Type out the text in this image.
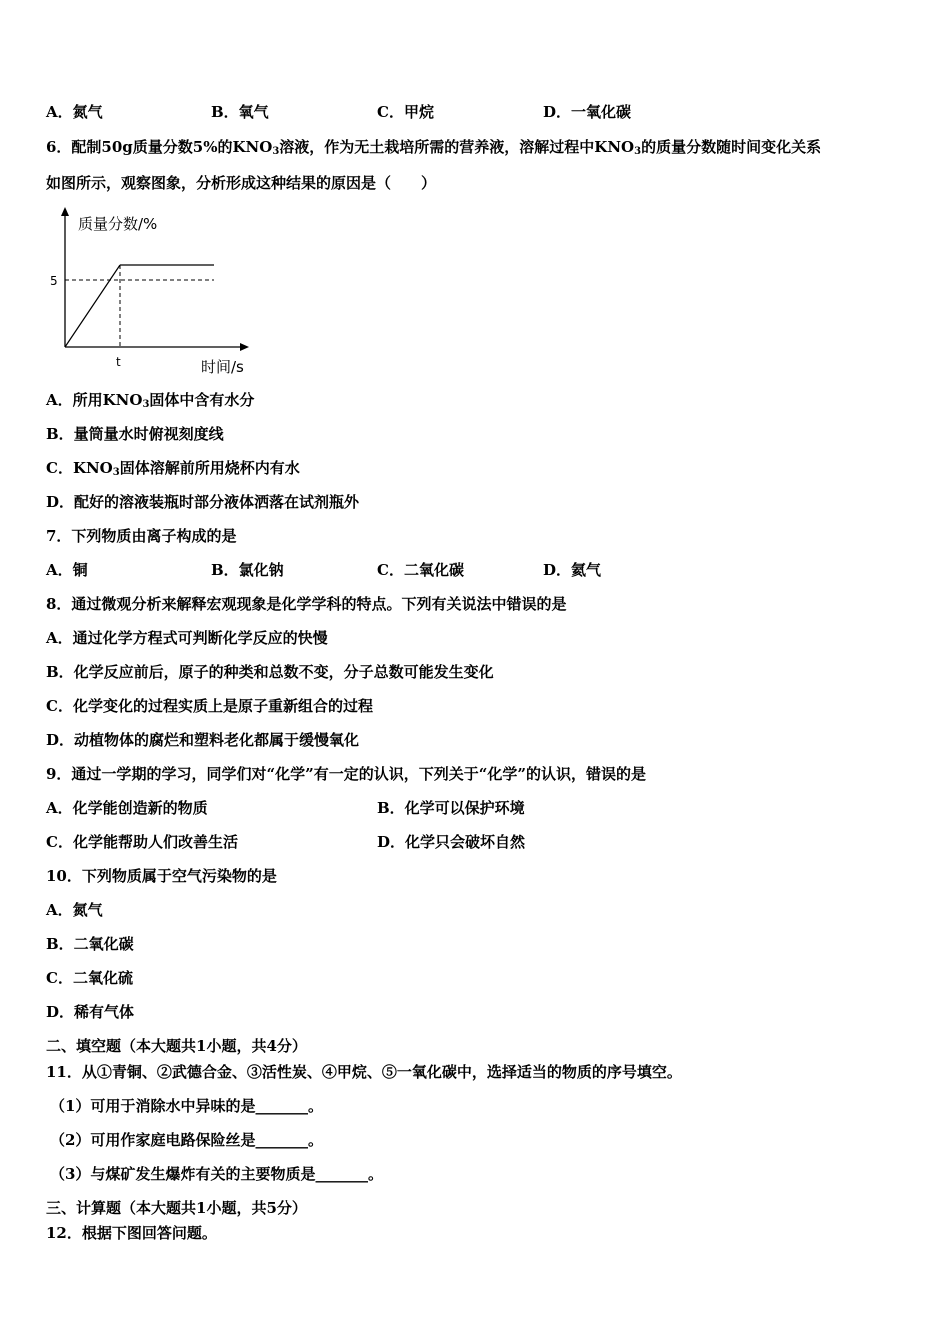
A．氮气	B．氧气	C．甲烷	D．一氧化碳
6．配制50g质量分数5%的$KNO_3$溶液，作为无土栽培所需的营养液，溶解过程中$KNO_3$的质量分数随时间变化关系
如图所示，观察图象，分析形成这种结果的原因是（　　）
质量分数/%
5
t	时间/s
A．所用$KNO_3$固体中含有水分
B．量筒量水时俯视刻度线
C．$KNO_3$固体溶解前所用烧杯内有水
D．配好的溶液装瓶时部分液体洒落在试剂瓶外
7．下列物质由离子构成的是
A．铜	B．氯化钠	C．二氧化碳	D．氦气
8．通过微观分析来解释宏观现象是化学学科的特点。下列有关说法中错误的是
A．通过化学方程式可判断化学反应的快慢
B．化学反应前后，原子的种类和总数不变，分子总数可能发生变化
C．化学变化的过程实质上是原子重新组合的过程
D．动植物体的腐烂和塑料老化都属于缓慢氧化
9．通过一学期的学习，同学们对“化学”有一定的认识，下列关于“化学”的认识，错误的是
A．化学能创造新的物质	B．化学可以保护环境
C．化学能帮助人们改善生活	D．化学只会破坏自然
10．下列物质属于空气污染物的是
A．氮气
B．二氧化碳
C．二氧化硫
D．稀有气体
二、填空题（本大题共1小题，共4分）
11．从①青铜、②武德合金、③活性炭、④甲烷、⑤一氧化碳中，选择适当的物质的序号填空。
（1）可用于消除水中异味的是_______。
（2）可用作家庭电路保险丝是_______。
（3）与煤矿发生爆炸有关的主要物质是_______。
三、计算题（本大题共1小题，共5分）
12．根据下图回答问题。
